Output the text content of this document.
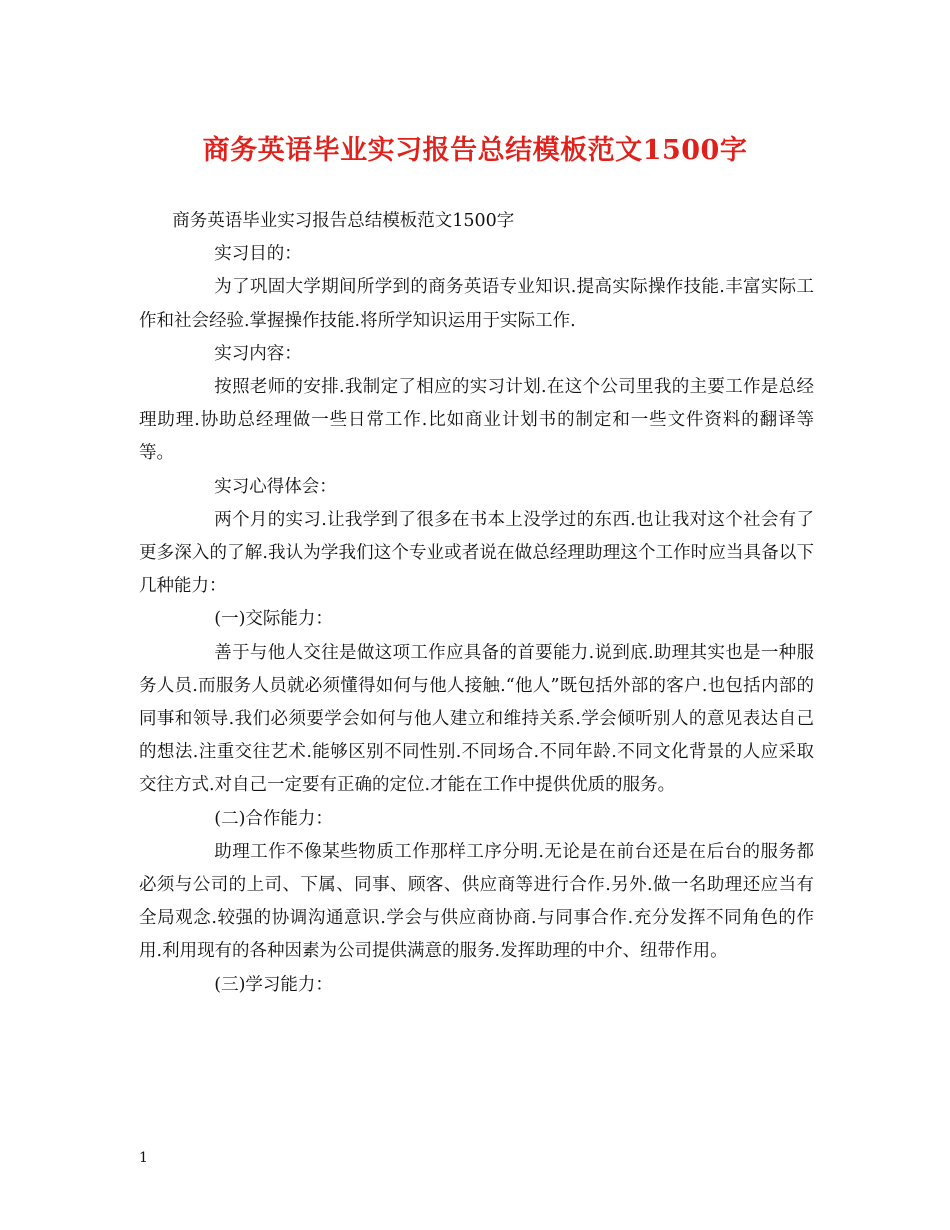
商务英语毕业实习报告总结模板范文1500字

商务英语毕业实习报告总结模板范文1500字

实习目的：

为了巩固大学期间所学到的商务英语专业知识.提高实际操作技能.丰富实际工作和社会经验.掌握操作技能.将所学知识运用于实际工作.

实习内容：

按照老师的安排.我制定了相应的实习计划.在这个公司里我的主要工作是总经理助理.协助总经理做一些日常工作.比如商业计划书的制定和一些文件资料的翻译等等。

实习心得体会：

两个月的实习.让我学到了很多在书本上没学过的东西.也让我对这个社会有了更多深入的了解.我认为学我们这个专业或者说在做总经理助理这个工作时应当具备以下几种能力：

(一)交际能力：

善于与他人交往是做这项工作应具备的首要能力.说到底.助理其实也是一种服务人员.而服务人员就必须懂得如何与他人接触.“他人”既包括外部的客户.也包括内部的同事和领导.我们必须要学会如何与他人建立和维持关系.学会倾听别人的意见表达自己的想法.注重交往艺术.能够区别不同性别.不同场合.不同年龄.不同文化背景的人应采取交往方式.对自己一定要有正确的定位.才能在工作中提供优质的服务。

(二)合作能力：

助理工作不像某些物质工作那样工序分明.无论是在前台还是在后台的服务都必须与公司的上司、下属、同事、顾客、供应商等进行合作.另外.做一名助理还应当有全局观念.较强的协调沟通意识.学会与供应商协商.与同事合作.充分发挥不同角色的作用.利用现有的各种因素为公司提供满意的服务.发挥助理的中介、纽带作用。

(三)学习能力：

1
